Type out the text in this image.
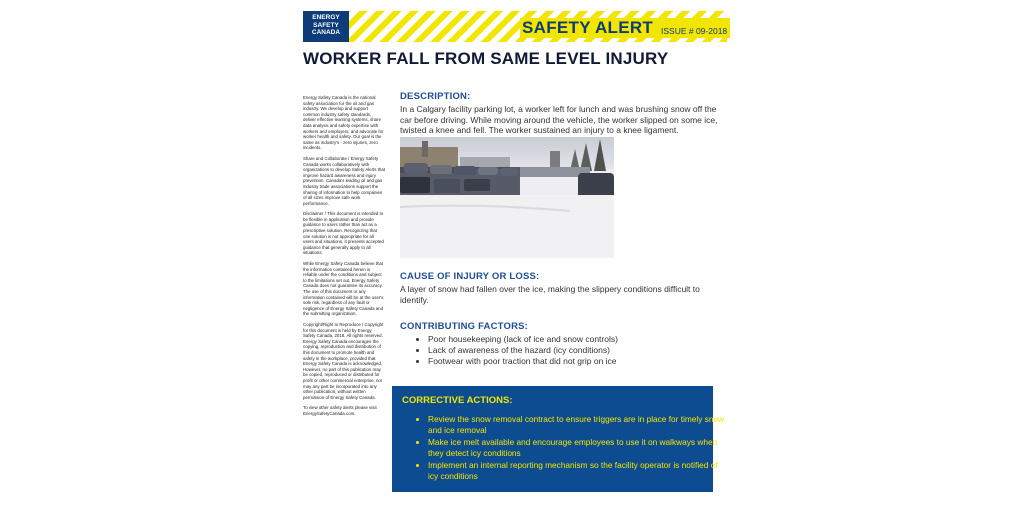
ENERGY
SAFETY
CANADA	SAFETY ALERT ISSUE # 09-2018
WORKER FALL FROM SAME LEVEL INJURY

Energy Safety Canada is the national safety association for the oil and gas industry. We develop and support common industry safety standards, deliver effective learning systems, share data analysis and safety expertise with workers and employers, and advocate for worker health and safety. Our goal is the same as industry's - zero injuries, zero incidents.

Share and Collaborate / Energy Safety Canada works collaboratively with organizations to develop Safety Alerts that improve hazard awareness and injury prevention. Canada's leading oil and gas industry trade associations support the sharing of information to help companies of all sizes improve safe work performance.

Disclaimer / This document is intended to be flexible in application and provide guidance to users rather than act as a prescriptive solution. Recognizing that one solution is not appropriate for all users and situations, it presents accepted guidance that generally apply to all situations.

While Energy Safety Canada believe that the information contained herein is reliable under the conditions and subject to the limitations set out, Energy Safety Canada does not guarantee its accuracy. The use of this document or any information contained will be at the user's sole risk, regardless of any fault or negligence of Energy Safety Canada and the submitting organization.

Copyright/Right to Reproduce / Copyright for this document is held by Energy Safety Canada, 2018. All rights reserved. Energy Safety Canada encourages the copying, reproduction and distribution of this document to promote health and safety in the workplace, provided that Energy Safety Canada is acknowledged. However, no part of this publication may be copied, reproduced or distributed for profit or other commercial enterprise, nor may any part be incorporated into any other publication, without written permission of Energy Safety Canada.

To view other safety alerts please visit EnergySafetyCanada.com.

DESCRIPTION:
In a Calgary facility parking lot, a worker left for lunch and was brushing snow off the car before driving. While moving around the vehicle, the worker slipped on some ice, twisted a knee and fell. The worker sustained an injury to a knee ligament.
CAUSE OF INJURY OR LOSS:
A layer of snow had fallen over the ice, making the slippery conditions difficult to identify.
CONTRIBUTING FACTORS:
• Poor housekeeping (lack of ice and snow controls)
• Lack of awareness of the hazard (icy conditions)
• Footwear with poor traction that did not grip on ice
CORRECTIVE ACTIONS:
• Review the snow removal contract to ensure triggers are in place for timely snow and ice removal
• Make ice melt available and encourage employees to use it on walkways when they detect icy conditions
• Implement an internal reporting mechanism so the facility operator is notified of icy conditions
